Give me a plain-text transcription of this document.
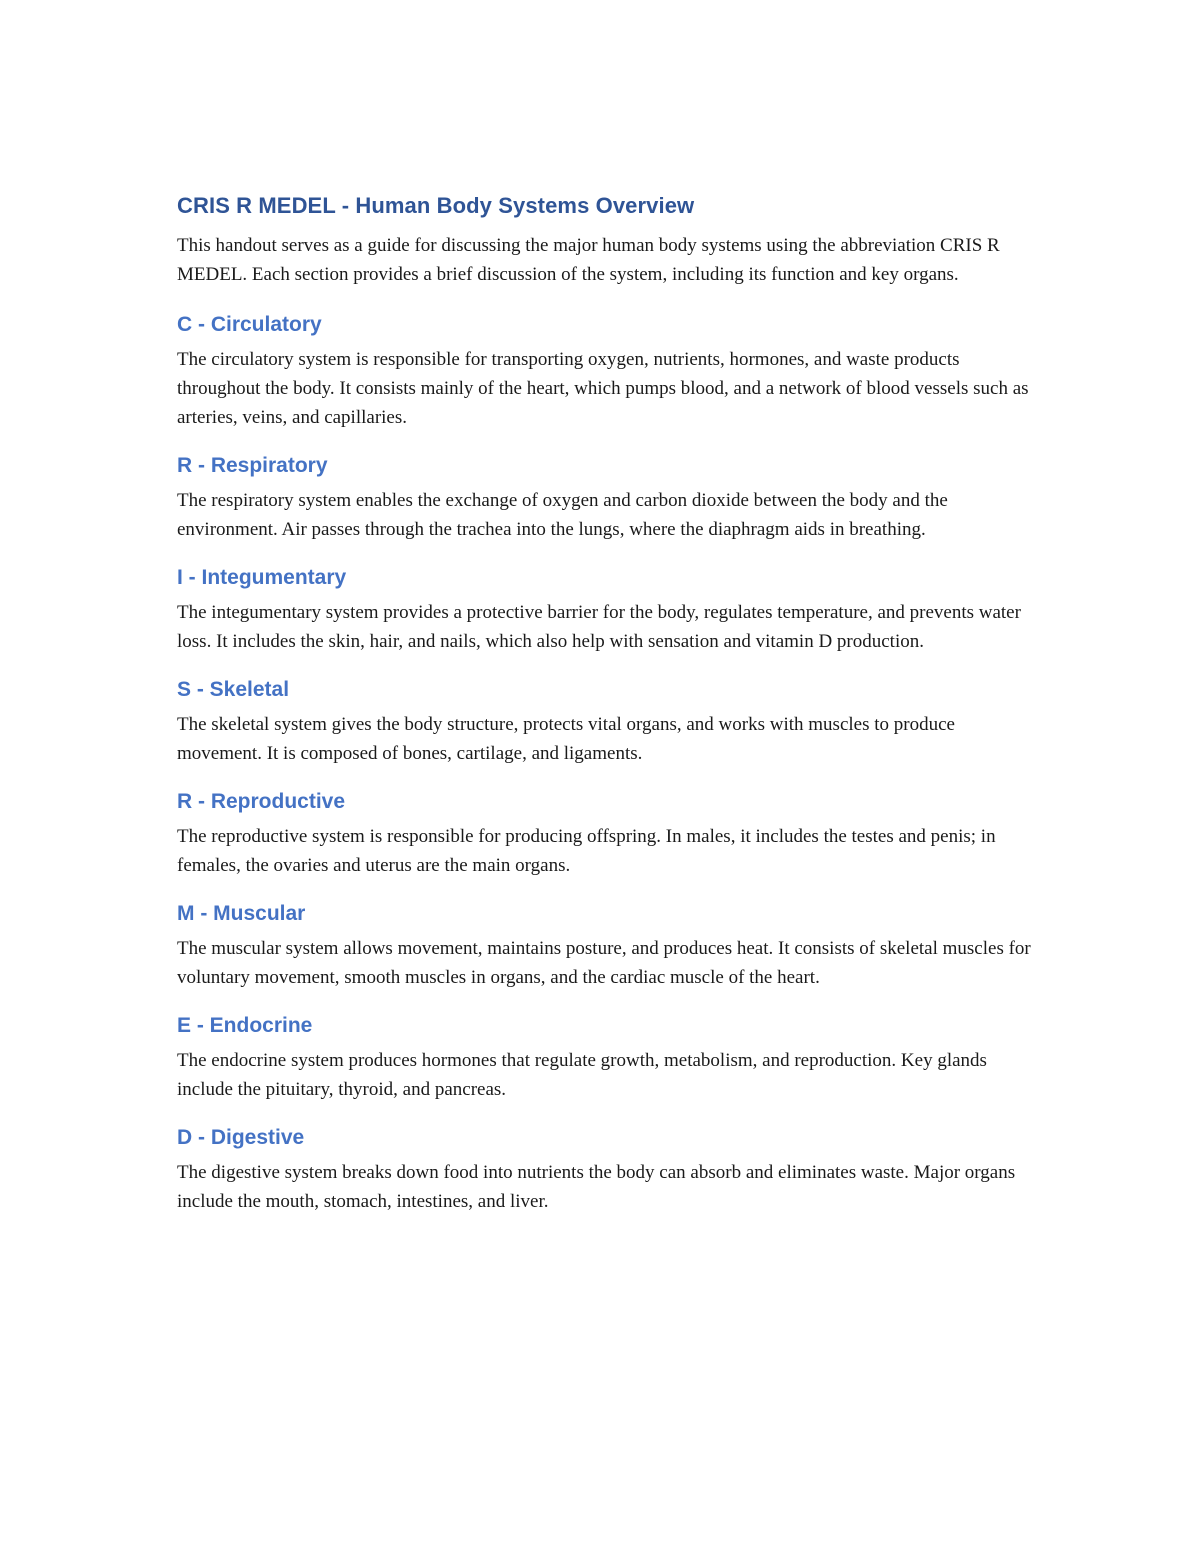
CRIS R MEDEL - Human Body Systems Overview

This handout serves as a guide for discussing the major human body systems using the abbreviation CRIS R MEDEL. Each section provides a brief discussion of the system, including its function and key organs.

C - Circulatory

The circulatory system is responsible for transporting oxygen, nutrients, hormones, and waste products throughout the body. It consists mainly of the heart, which pumps blood, and a network of blood vessels such as arteries, veins, and capillaries.

R - Respiratory

The respiratory system enables the exchange of oxygen and carbon dioxide between the body and the environment. Air passes through the trachea into the lungs, where the diaphragm aids in breathing.

I - Integumentary

The integumentary system provides a protective barrier for the body, regulates temperature, and prevents water loss. It includes the skin, hair, and nails, which also help with sensation and vitamin D production.

S - Skeletal

The skeletal system gives the body structure, protects vital organs, and works with muscles to produce movement. It is composed of bones, cartilage, and ligaments.

R - Reproductive

The reproductive system is responsible for producing offspring. In males, it includes the testes and penis; in females, the ovaries and uterus are the main organs.

M - Muscular

The muscular system allows movement, maintains posture, and produces heat. It consists of skeletal muscles for voluntary movement, smooth muscles in organs, and the cardiac muscle of the heart.

E - Endocrine

The endocrine system produces hormones that regulate growth, metabolism, and reproduction. Key glands include the pituitary, thyroid, and pancreas.

D - Digestive

The digestive system breaks down food into nutrients the body can absorb and eliminates waste. Major organs include the mouth, stomach, intestines, and liver.
